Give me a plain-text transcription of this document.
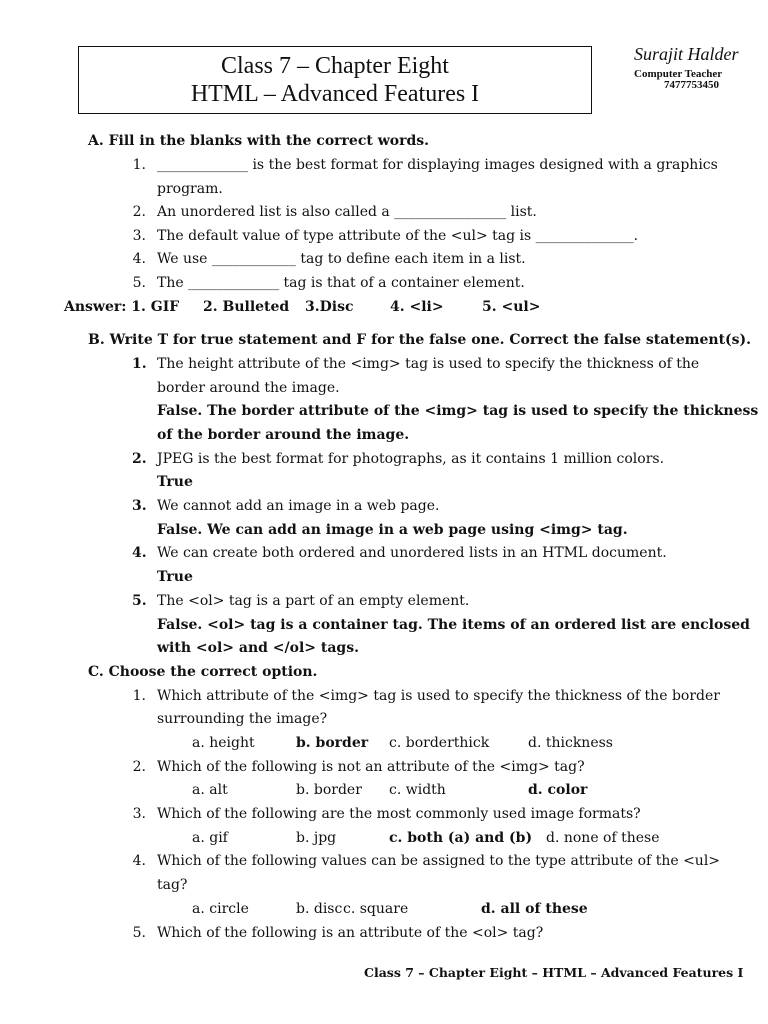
Class 7 – Chapter Eight
HTML – Advanced Features I
Surajit Halder
Computer Teacher
7477753450
A. Fill in the blanks with the correct words.
1. _____________ is the best format for displaying images designed with a graphics
program.
2. An unordered list is also called a ________________ list.
3. The default value of type attribute of the <ul> tag is ______________.
4. We use ____________ tag to define each item in a list.
5. The _____________ tag is that of a container element.
Answer: 1. GIF 2. Bulleted 3.Disc	4. <li>	5. <ul>
B. Write T for true statement and F for the false one. Correct the false statement(s).
1. The height attribute of the <img> tag is used to specify the thickness of the
border around the image.
False. The border attribute of the <img> tag is used to specify the thickness
of the border around the image.
2. JPEG is the best format for photographs, as it contains 1 million colors.
True
3. We cannot add an image in a web page.
False. We can add an image in a web page using <img> tag.
4. We can create both ordered and unordered lists in an HTML document.
True
5. The <ol> tag is a part of an empty element.
False. <ol> tag is a container tag. The items of an ordered list are enclosed
with <ol> and </ol> tags.
C. Choose the correct option.
1. Which attribute of the <img> tag is used to specify the thickness of the border
surrounding the image?
a. height	b. border c. borderthick	d. thickness
2. Which of the following is not an attribute of the <img> tag?
a. alt	b. border c. width	d. color
3. Which of the following are the most commonly used image formats?
a. gif	b. jpg	c. both (a) and (b) d. none of these
4. Which of the following values can be assigned to the type attribute of the <ul>
tag?
a. circle	b. disc c. square	d. all of these
5. Which of the following is an attribute of the <ol> tag?
Class 7 – Chapter Eight – HTML – Advanced Features I
